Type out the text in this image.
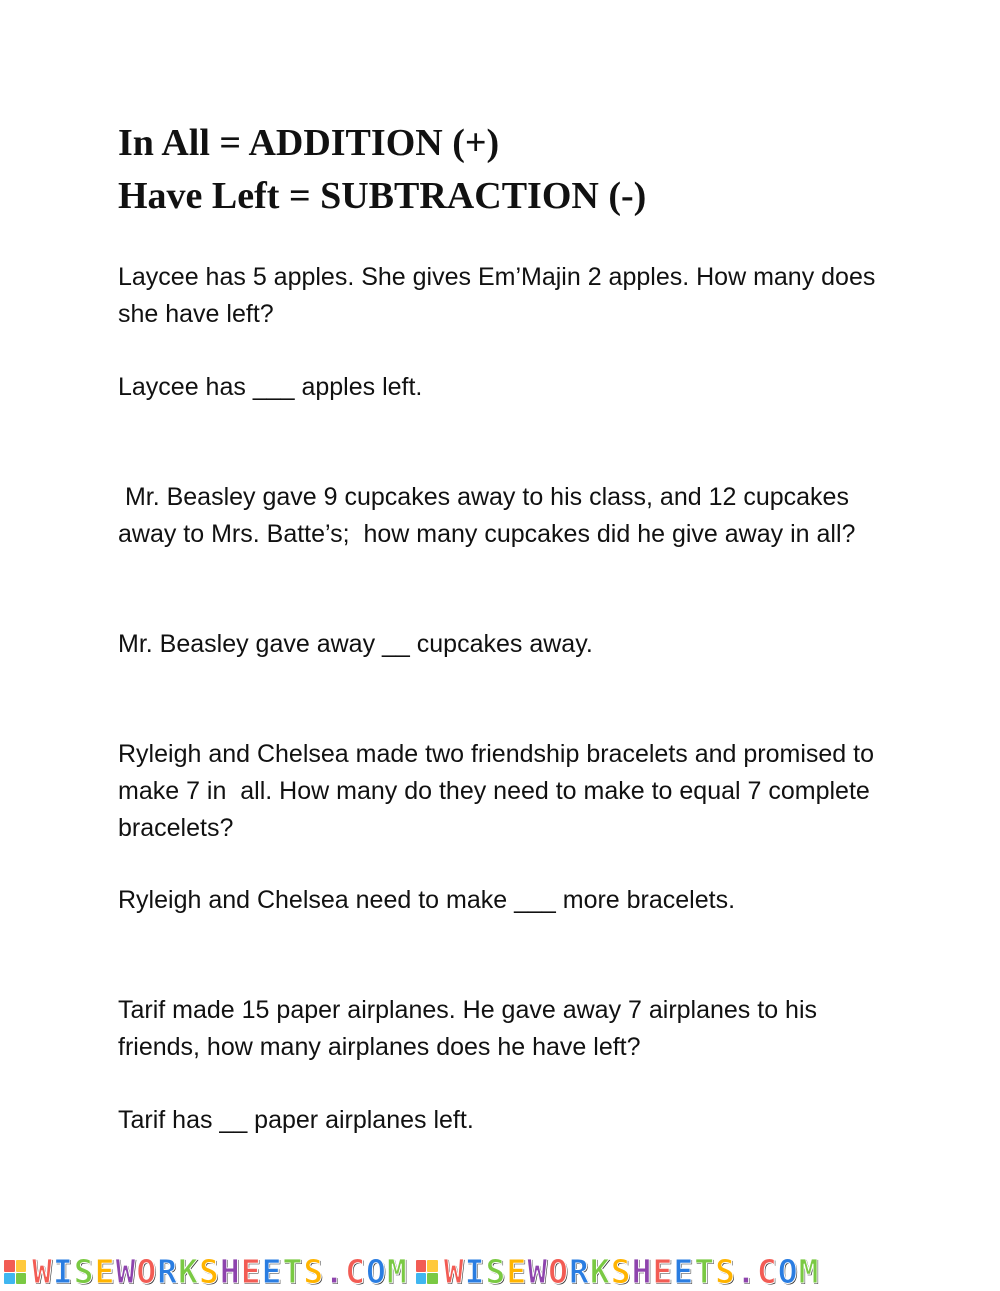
In All = ADDITION (+)
Have Left = SUBTRACTION (-)

Laycee has 5 apples. She gives Em’Majin 2 apples. How many does she have left?

Laycee has ___ apples left.

Mr. Beasley gave 9 cupcakes away to his class, and 12 cupcakes away to Mrs. Batte’s;  how many cupcakes did he give away in all?

Mr. Beasley gave away __ cupcakes away.

Ryleigh and Chelsea made two friendship bracelets and promised to make 7 in  all. How many do they need to make to equal 7 complete bracelets?

Ryleigh and Chelsea need to make ___ more bracelets.

Tarif made 15 paper airplanes. He gave away 7 airplanes to his friends, how many airplanes does he have left?

Tarif has __ paper airplanes left.

WISEWORKSHEETS.COM WISEWORKSHEETS.COM
